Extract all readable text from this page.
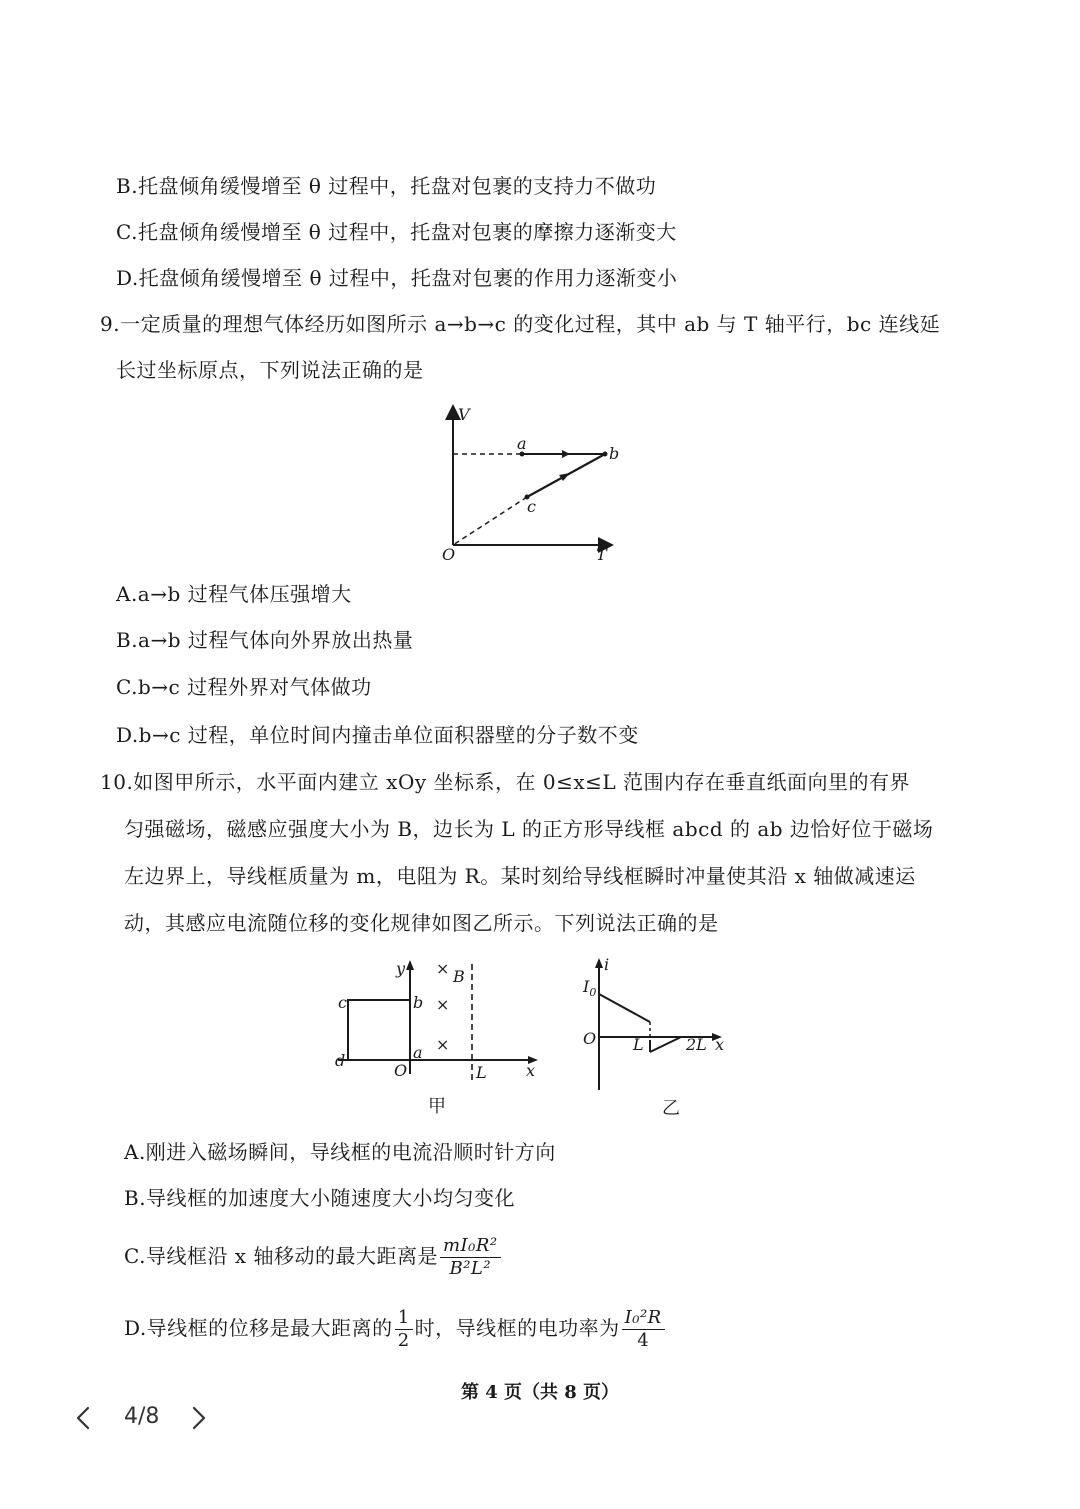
B.托盘倾角缓慢增至 θ 过程中，托盘对包裹的支持力不做功
C.托盘倾角缓慢增至 θ 过程中，托盘对包裹的摩擦力逐渐变大
D.托盘倾角缓慢增至 θ 过程中，托盘对包裹的作用力逐渐变小
9.一定质量的理想气体经历如图所示 a→b→c 的变化过程，其中 ab 与 T 轴平行，bc 连线延
长过坐标原点，下列说法正确的是
V
T
O
a
b
c
A.a→b 过程气体压强增大
B.a→b 过程气体向外界放出热量
C.b→c 过程外界对气体做功
D.b→c 过程，单位时间内撞击单位面积器壁的分子数不变
10.如图甲所示，水平面内建立 xOy 坐标系，在 0≤x≤L 范围内存在垂直纸面向里的有界
匀强磁场，磁感应强度大小为 B，边长为 L 的正方形导线框 abcd 的 ab 边恰好位于磁场
左边界上，导线框质量为 m，电阻为 R。某时刻给导线框瞬时冲量使其沿 x 轴做减速运
动，其感应电流随位移的变化规律如图乙所示。下列说法正确的是
×
×
×
y	B
c	b
d	a
O	L x
甲
i
$I_0$
O L	2L x
乙
A.刚进入磁场瞬间，导线框的电流沿顺时针方向
B.导线框的加速度大小随速度大小均匀变化
C.导线框沿 x 轴移动的最大距离是 $\frac{\text{mI₀R²}}{\text{B²L²}}$
D.导线框的位移是最大距离的 $\frac{1}{2}$ 时，导线框的电功率为 $\frac{\text{I₀²R}}{4}$
第 4 页（共 8 页）
4/8
